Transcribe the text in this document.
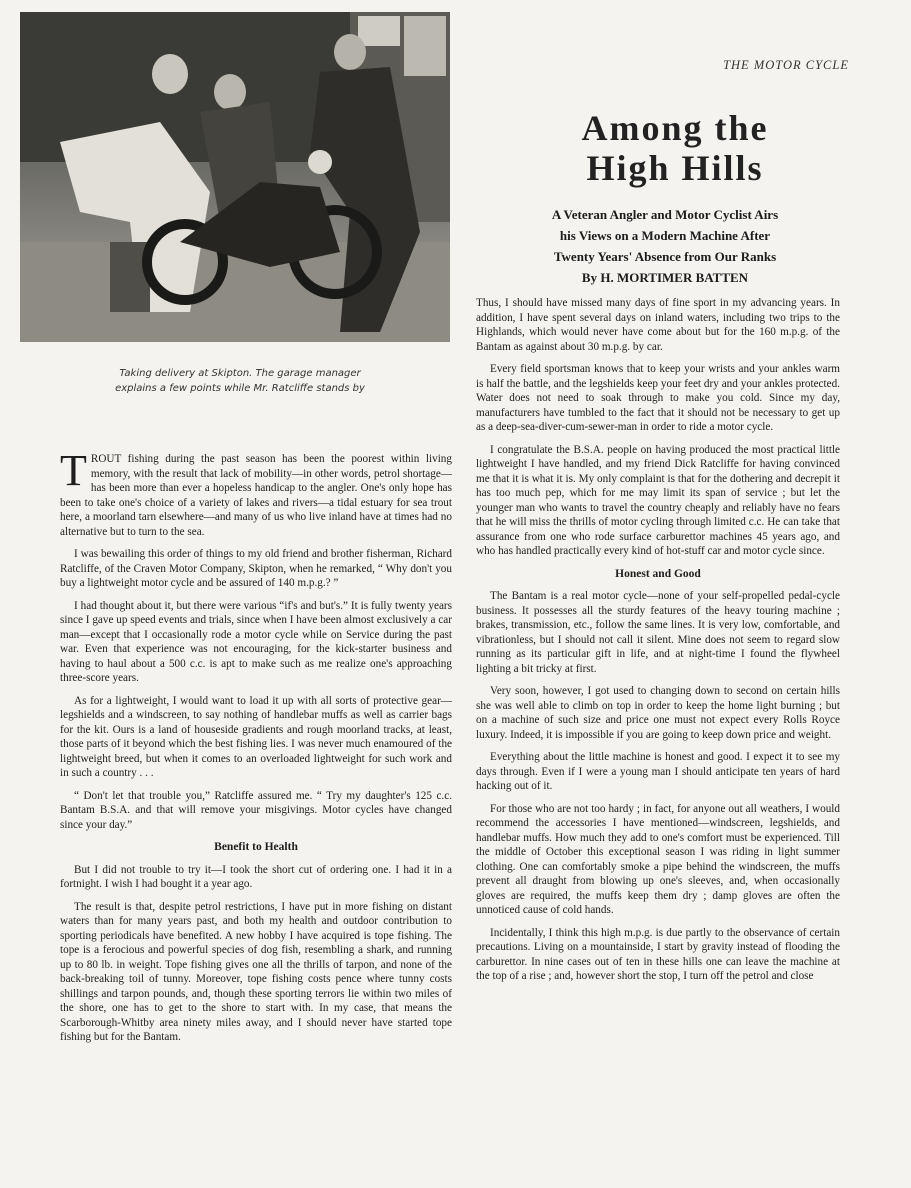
Taking delivery at Skipton. The garage manager
explains a few points while Mr. Ratcliffe stands by
THE MOTOR CYCLE
Among the
High Hills
A Veteran Angler and Motor Cyclist Airs
his Views on a Modern Machine After
Twenty Years' Absence from Our Ranks
By H. MORTIMER BATTEN

TROUT fishing during the past season has been the poorest within living memory, with the result that lack of mobility—in other words, petrol shortage—has been more than ever a hopeless handicap to the angler. One's only hope has been to take one's choice of a variety of lakes and rivers—a tidal estuary for sea trout here, a moorland tarn elsewhere—and many of us who live inland have at times had no alternative but to turn to the sea.

I was bewailing this order of things to my old friend and brother fisherman, Richard Ratcliffe, of the Craven Motor Company, Skipton, when he remarked, “ Why don't you buy a lightweight motor cycle and be assured of 140 m.p.g.? ”

I had thought about it, but there were various “if's and but's.” It is fully twenty years since I gave up speed events and trials, since when I have been almost exclusively a car man—except that I occasionally rode a motor cycle while on Service during the past war. Even that experience was not encouraging, for the kick-starter business and having to haul about a 500 c.c. is apt to make such as me realize one's approaching three-score years.

As for a lightweight, I would want to load it up with all sorts of protective gear—legshields and a windscreen, to say nothing of handlebar muffs as well as carrier bags for the kit. Ours is a land of houseside gradients and rough moorland tracks, at least, those parts of it beyond which the best fishing lies. I was never much enamoured of the lightweight breed, but when it comes to an overloaded lightweight for such work and in such a country . . .

“ Don't let that trouble you,” Ratcliffe assured me. “ Try my daughter's 125 c.c. Bantam B.S.A. and that will remove your misgivings. Motor cycles have changed since your day.”

Benefit to Health

But I did not trouble to try it—I took the short cut of ordering one. I had it in a fortnight. I wish I had bought it a year ago.

The result is that, despite petrol restrictions, I have put in more fishing on distant waters than for many years past, and both my health and outdoor contribution to sporting periodicals have benefited. A new hobby I have acquired is tope fishing. The tope is a ferocious and powerful species of dog fish, resembling a shark, and running up to 80 lb. in weight. Tope fishing gives one all the thrills of tarpon, and none of the back-breaking toil of tunny. Moreover, tope fishing costs pence where tunny costs shillings and tarpon pounds, and, though these sporting terrors lie within two miles of the shore, one has to get to the shore to start with. In my case, that means the Scarborough-Whitby area ninety miles away, and I should never have started tope fishing but for the Bantam.

Thus, I should have missed many days of fine sport in my advancing years. In addition, I have spent several days on inland waters, including two trips to the Highlands, which would never have come about but for the 160 m.p.g. of the Bantam as against about 30 m.p.g. by car.

Every field sportsman knows that to keep your wrists and your ankles warm is half the battle, and the legshields keep your feet dry and your ankles protected. Water does not need to soak through to make you cold. Since my day, manufacturers have tumbled to the fact that it should not be necessary to get up as a deep-sea-diver-cum-sewer-man in order to ride a motor cycle.

I congratulate the B.S.A. people on having produced the most practical little lightweight I have handled, and my friend Dick Ratcliffe for having convinced me that it is what it is. My only complaint is that for the dothering and decrepit it has too much pep, which for me may limit its span of service ; but let the younger man who wants to travel the country cheaply and reliably have no fears that he will miss the thrills of motor cycling through limited c.c. He can take that assurance from one who rode surface carburettor machines 45 years ago, and who has handled practically every kind of hot-stuff car and motor cycle since.

Honest and Good

The Bantam is a real motor cycle—none of your self-propelled pedal-cycle business. It possesses all the sturdy features of the heavy touring machine ; brakes, transmission, etc., follow the same lines. It is very low, comfortable, and vibrationless, but I should not call it silent. Mine does not seem to regard slow running as its particular gift in life, and at night-time I found the flywheel lighting a bit tricky at first.

Very soon, however, I got used to changing down to second on certain hills she was well able to climb on top in order to keep the home light burning ; but on a machine of such size and price one must not expect every Rolls Royce luxury. Indeed, it is impossible if you are going to keep down price and weight.

Everything about the little machine is honest and good. I expect it to see my days through. Even if I were a young man I should anticipate ten years of hard hacking out of it.

For those who are not too hardy ; in fact, for anyone out all weathers, I would recommend the accessories I have mentioned—windscreen, legshields, and handlebar muffs. How much they add to one's comfort must be experienced. Till the middle of October this exceptional season I was riding in light summer clothing. One can comfortably smoke a pipe behind the windscreen, the muffs prevent all draught from blowing up one's sleeves, and, when occasionally gloves are required, the muffs keep them dry ; damp gloves are often the unnoticed cause of cold hands.

Incidentally, I think this high m.p.g. is due partly to the observance of certain precautions. Living on a mountainside, I start by gravity instead of flooding the carburettor. In nine cases out of ten in these hills one can leave the machine at the top of a rise ; and, however short the stop, I turn off the petrol and close
